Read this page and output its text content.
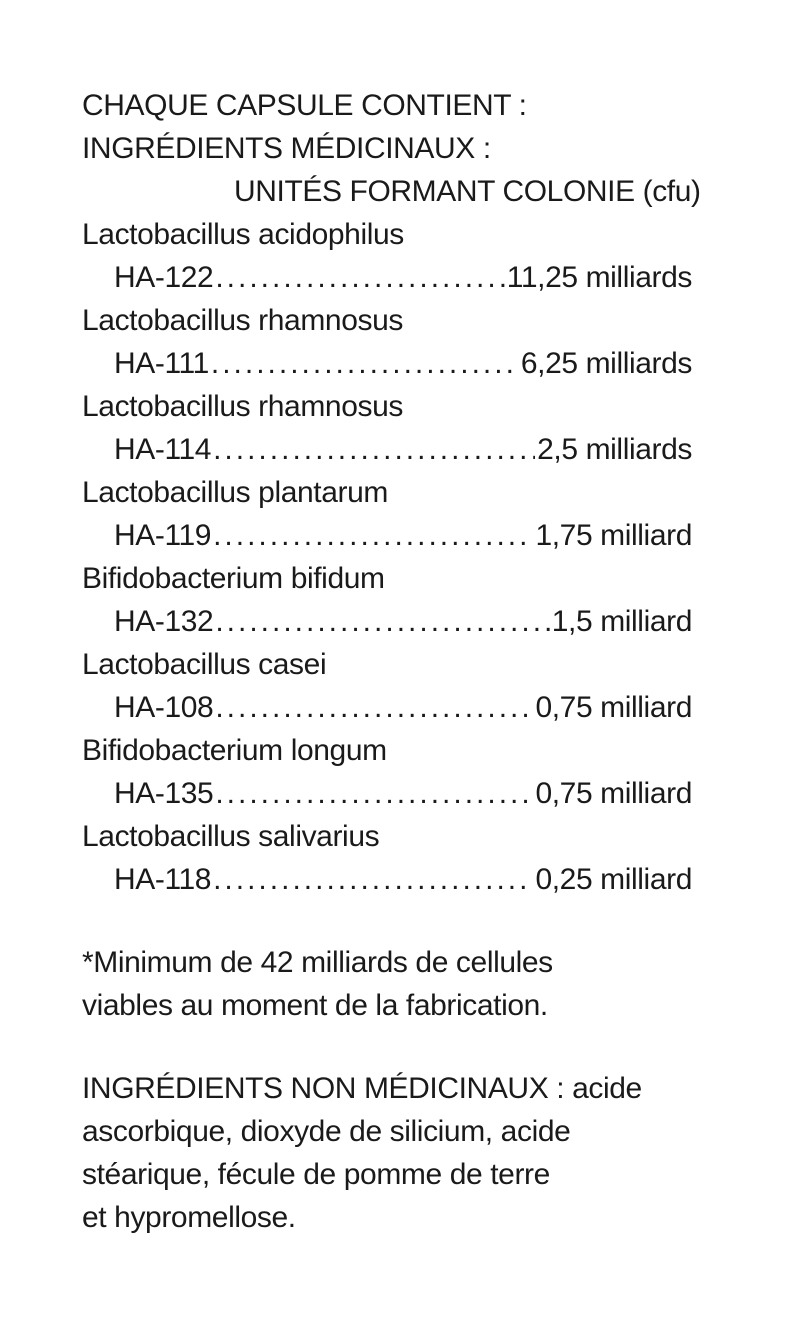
CHAQUE CAPSULE CONTIENT :
INGRÉDIENTS MÉDICINAUX :
UNITÉS FORMANT COLONIE (cfu)
Lactobacillus acidophilus
HA-122 .....	11,25 milliards
Lactobacillus rhamnosus
HA-111 .....	6,25 milliards
Lactobacillus rhamnosus
HA-114 .....	2,5 milliards
Lactobacillus plantarum
HA-119 .....	1,75 milliard
Bifidobacterium bifidum
HA-132 .....	1,5 milliard
Lactobacillus casei
HA-108 .....	0,75 milliard
Bifidobacterium longum
HA-135 .....	0,75 milliard
Lactobacillus salivarius
HA-118 .....	0,25 milliard
*Minimum de 42 milliards de cellules
viables au moment de la fabrication.
INGRÉDIENTS NON MÉDICINAUX : acide
ascorbique, dioxyde de silicium, acide
stéarique, fécule de pomme de terre
et hypromellose.
